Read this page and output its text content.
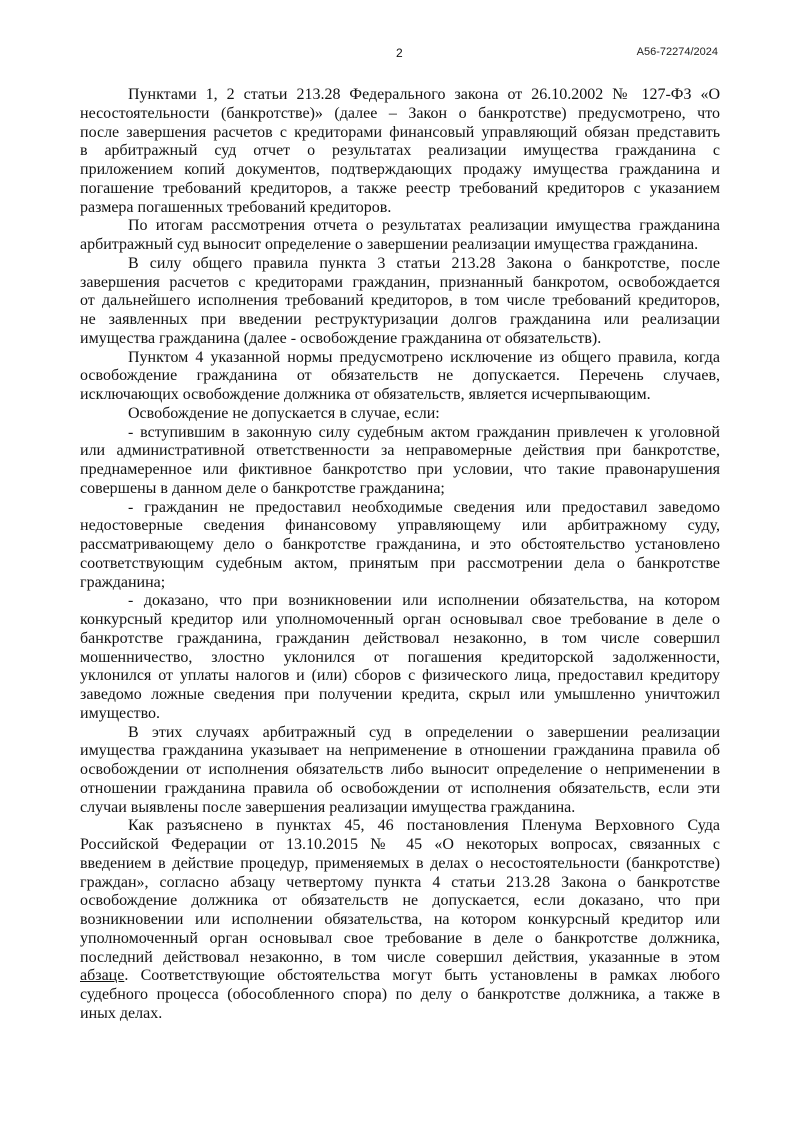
2	А56-72274/2024
Пунктами 1, 2 статьи 213.28 Федерального закона от 26.10.2002 № 127-ФЗ «О
несостоятельности (банкротстве)» (далее – Закон о банкротстве) предусмотрено, что
после завершения расчетов с кредиторами финансовый управляющий обязан представить
в арбитражный суд отчет о результатах реализации имущества гражданина с
приложением копий документов, подтверждающих продажу имущества гражданина и
погашение требований кредиторов, а также реестр требований кредиторов с указанием
размера погашенных требований кредиторов.
По итогам рассмотрения отчета о результатах реализации имущества гражданина
арбитражный суд выносит определение о завершении реализации имущества гражданина.
В силу общего правила пункта 3 статьи 213.28 Закона о банкротстве, после
завершения расчетов с кредиторами гражданин, признанный банкротом, освобождается
от дальнейшего исполнения требований кредиторов, в том числе требований кредиторов,
не заявленных при введении реструктуризации долгов гражданина или реализации
имущества гражданина (далее - освобождение гражданина от обязательств).
Пунктом 4 указанной нормы предусмотрено исключение из общего правила, когда
освобождение гражданина от обязательств не допускается. Перечень случаев,
исключающих освобождение должника от обязательств, является исчерпывающим.
Освобождение не допускается в случае, если:
- вступившим в законную силу судебным актом гражданин привлечен к уголовной
или административной ответственности за неправомерные действия при банкротстве,
преднамеренное или фиктивное банкротство при условии, что такие правонарушения
совершены в данном деле о банкротстве гражданина;
- гражданин не предоставил необходимые сведения или предоставил заведомо
недостоверные сведения финансовому управляющему или арбитражному суду,
рассматривающему дело о банкротстве гражданина, и это обстоятельство установлено
соответствующим судебным актом, принятым при рассмотрении дела о банкротстве
гражданина;
- доказано, что при возникновении или исполнении обязательства, на котором
конкурсный кредитор или уполномоченный орган основывал свое требование в деле о
банкротстве гражданина, гражданин действовал незаконно, в том числе совершил
мошенничество, злостно уклонился от погашения кредиторской задолженности,
уклонился от уплаты налогов и (или) сборов с физического лица, предоставил кредитору
заведомо ложные сведения при получении кредита, скрыл или умышленно уничтожил
имущество.
В этих случаях арбитражный суд в определении о завершении реализации
имущества гражданина указывает на неприменение в отношении гражданина правила об
освобождении от исполнения обязательств либо выносит определение о неприменении в
отношении гражданина правила об освобождении от исполнения обязательств, если эти
случаи выявлены после завершения реализации имущества гражданина.
Как разъяснено в пунктах 45, 46 постановления Пленума Верховного Суда
Российской Федерации от 13.10.2015 № 45 «О некоторых вопросах, связанных с
введением в действие процедур, применяемых в делах о несостоятельности (банкротстве)
граждан», согласно абзацу четвертому пункта 4 статьи 213.28 Закона о банкротстве
освобождение должника от обязательств не допускается, если доказано, что при
возникновении или исполнении обязательства, на котором конкурсный кредитор или
уполномоченный орган основывал свое требование в деле о банкротстве должника,
последний действовал незаконно, в том числе совершил действия, указанные в этом
абзаце. Соответствующие обстоятельства могут быть установлены в рамках любого
судебного процесса (обособленного спора) по делу о банкротстве должника, а также в
иных делах.
